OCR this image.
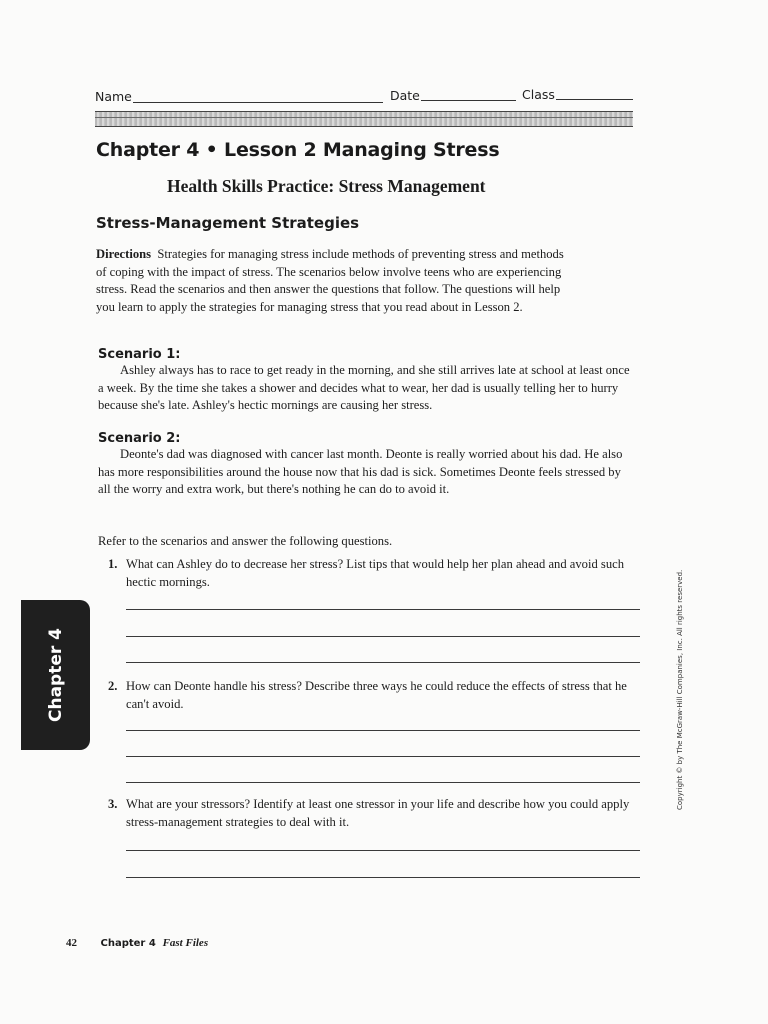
Name	Date	Class
Chapter 4 • Lesson 2 Managing Stress
Health Skills Practice: Stress Management
Stress-Management Strategies
Directions Strategies for managing stress include methods of preventing stress and methods of coping with the impact of stress. The scenarios below involve teens who are experiencing stress. Read the scenarios and then answer the questions that follow. The questions will help you learn to apply the strategies for managing stress that you read about in Lesson 2.
Scenario 1:
Ashley always has to race to get ready in the morning, and she still arrives late at school at least once a week. By the time she takes a shower and decides what to wear, her dad is usually telling her to hurry because she's late. Ashley's hectic mornings are causing her stress.
Scenario 2:
Deonte's dad was diagnosed with cancer last month. Deonte is really worried about his dad. He also has more responsibilities around the house now that his dad is sick. Sometimes Deonte feels stressed by all the worry and extra work, but there's nothing he can do to avoid it.
Refer to the scenarios and answer the following questions.
1. What can Ashley do to decrease her stress? List tips that would help her plan ahead and avoid such hectic mornings.
2. How can Deonte handle his stress? Describe three ways he could reduce the effects of stress that he can't avoid.
3. What are your stressors? Identify at least one stressor in your life and describe how you could apply stress-management strategies to deal with it.
Chapter 4	Copyright © by The McGraw-Hill Companies, Inc. All rights reserved.
42 Chapter 4 Fast Files
